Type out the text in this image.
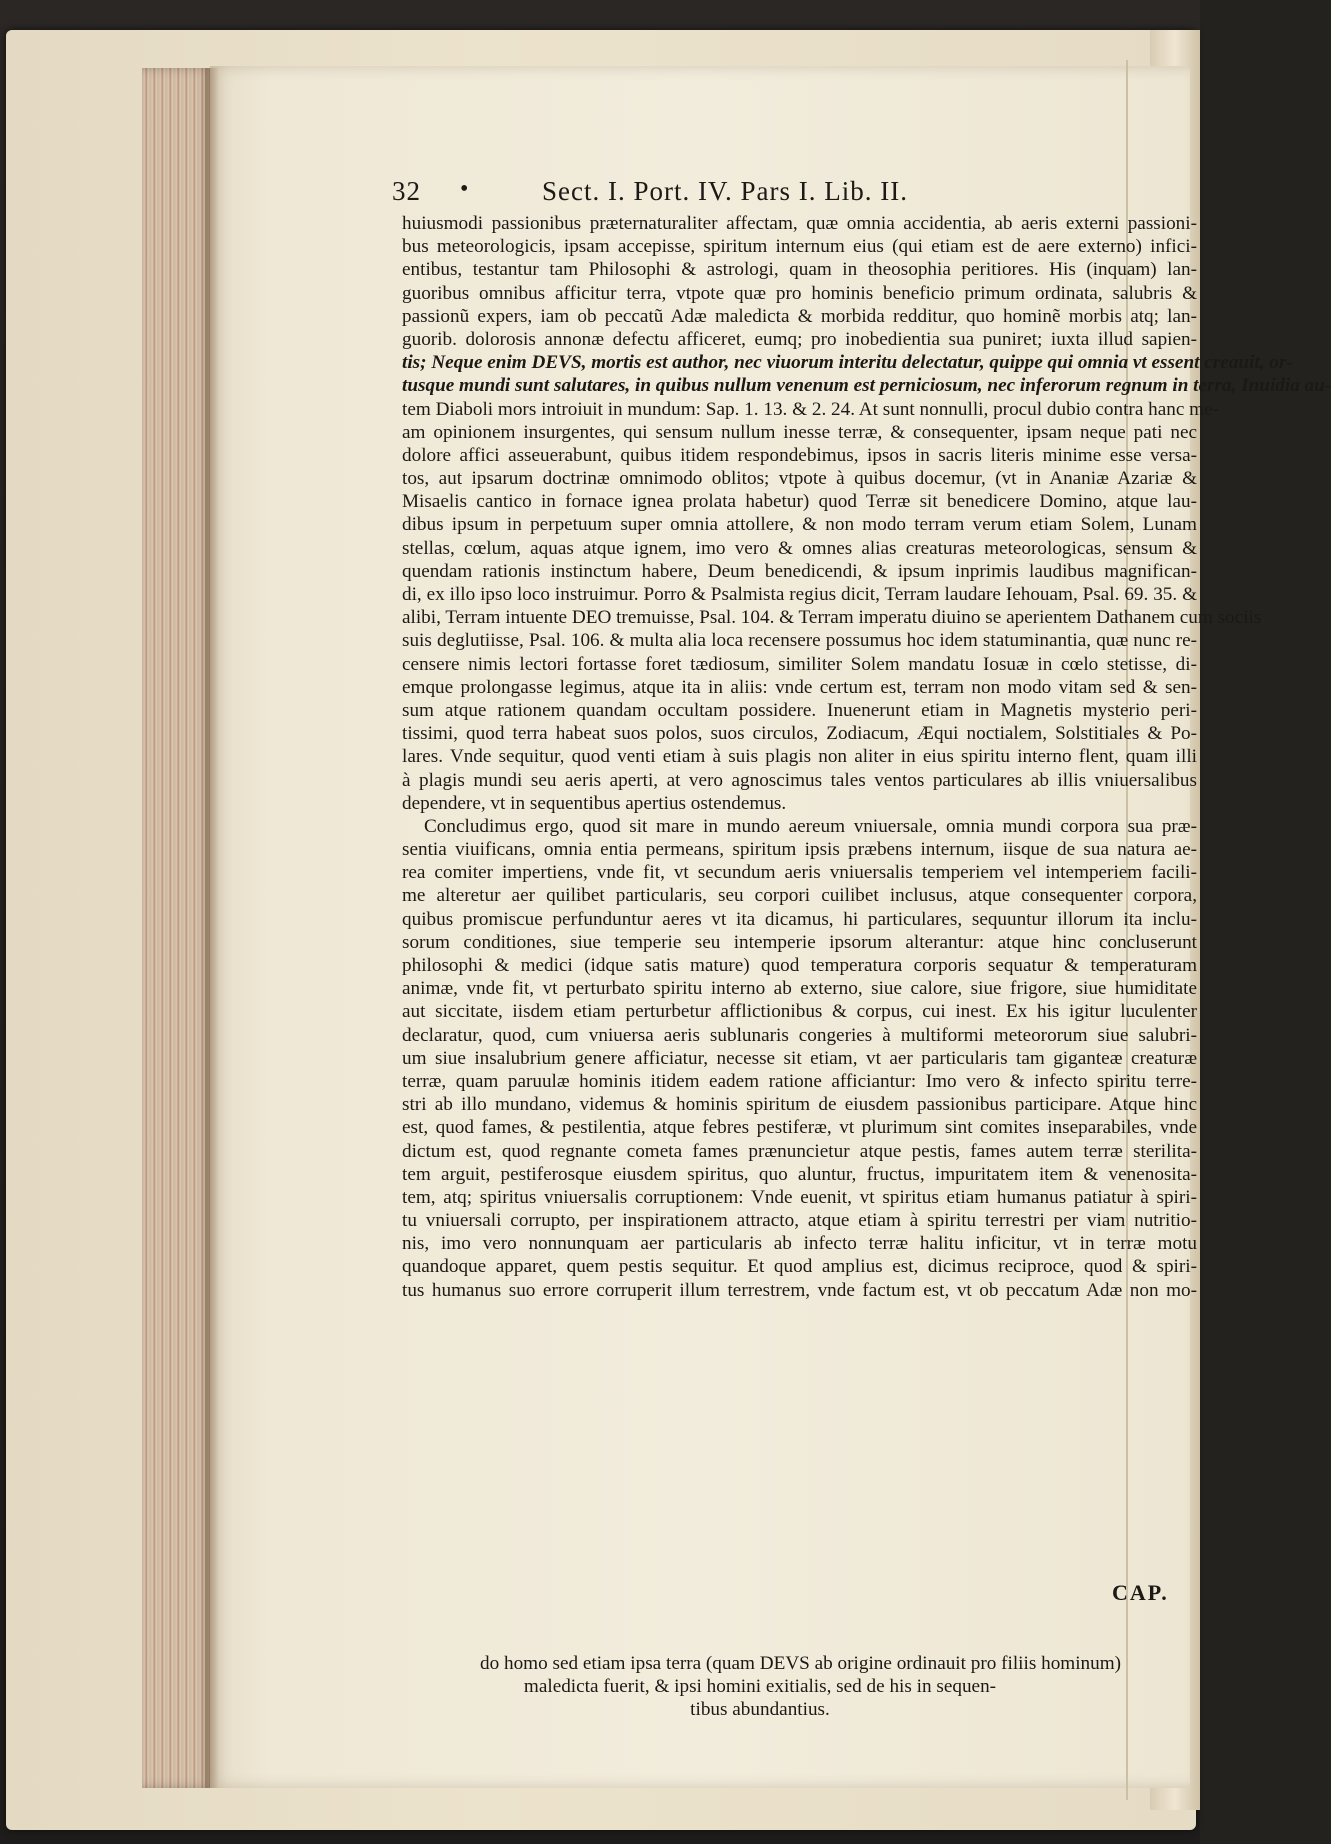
32 •	Sect. I. Port. IV. Pars I. Lib. II.
huiusmodi passionibus præternaturaliter affectam, quæ omnia accidentia, ab aeris externi passioni-
bus meteorologicis, ipsam accepisse, spiritum internum eius (qui etiam est de aere externo) infici-
entibus, testantur tam Philosophi & astrologi, quam in theosophia peritiores. His (inquam) lan-
guoribus omnibus afficitur terra, vtpote quæ pro hominis beneficio primum ordinata, salubris &
passionũ expers, iam ob peccatũ Adæ maledicta & morbida redditur, quo hominẽ morbis atq; lan-
guorib. dolorosis annonæ defectu afficeret, eumq; pro inobedientia sua puniret; iuxta illud sapien-
tis; Neque enim DEVS, mortis est author, nec viuorum interitu delectatur, quippe qui omnia vt essent creauit, or-
tusque mundi sunt salutares, in quibus nullum venenum est perniciosum, nec inferorum regnum in terra, Inuidia au-
tem Diaboli mors introiuit in mundum: Sap. 1. 13. & 2. 24. At sunt nonnulli, procul dubio contra hanc me-
am opinionem insurgentes, qui sensum nullum inesse terræ, & consequenter, ipsam neque pati nec
dolore affici asseuerabunt, quibus itidem respondebimus, ipsos in sacris literis minime esse versa-
tos, aut ipsarum doctrinæ omnimodo oblitos; vtpote à quibus docemur, (vt in Ananiæ Azariæ &
Misaelis cantico in fornace ignea prolata habetur) quod Terræ sit benedicere Domino, atque lau-
dibus ipsum in perpetuum super omnia attollere, & non modo terram verum etiam Solem, Lunam
stellas, cœlum, aquas atque ignem, imo vero & omnes alias creaturas meteorologicas, sensum &
quendam rationis instinctum habere, Deum benedicendi, & ipsum inprimis laudibus magnifican-
di, ex illo ipso loco instruimur. Porro & Psalmista regius dicit, Terram laudare Iehouam, Psal. 69. 35. &
alibi, Terram intuente DEO tremuisse, Psal. 104. & Terram imperatu diuino se aperientem Dathanem cum sociis
suis deglutiisse, Psal. 106. & multa alia loca recensere possumus hoc idem statuminantia, quæ nunc re-
censere nimis lectori fortasse foret tædiosum, similiter Solem mandatu Iosuæ in cœlo stetisse, di-
emque prolongasse legimus, atque ita in aliis: vnde certum est, terram non modo vitam sed & sen-
sum atque rationem quandam occultam possidere. Inuenerunt etiam in Magnetis mysterio peri-
tissimi, quod terra habeat suos polos, suos circulos, Zodiacum, Æqui noctialem, Solstitiales & Po-
lares. Vnde sequitur, quod venti etiam à suis plagis non aliter in eius spiritu interno flent, quam illi
à plagis mundi seu aeris aperti, at vero agnoscimus tales ventos particulares ab illis vniuersalibus
dependere, vt in sequentibus apertius ostendemus.
Concludimus ergo, quod sit mare in mundo aereum vniuersale, omnia mundi corpora sua præ-
sentia viuificans, omnia entia permeans, spiritum ipsis præbens internum, iisque de sua natura ae-
rea comiter impertiens, vnde fit, vt secundum aeris vniuersalis temperiem vel intemperiem facili-
me alteretur aer quilibet particularis, seu corpori cuilibet inclusus, atque consequenter corpora,
quibus promiscue perfunduntur aeres vt ita dicamus, hi particulares, sequuntur illorum ita inclu-
sorum conditiones, siue temperie seu intemperie ipsorum alterantur: atque hinc concluserunt
philosophi & medici (idque satis mature) quod temperatura corporis sequatur & temperaturam
animæ, vnde fit, vt perturbato spiritu interno ab externo, siue calore, siue frigore, siue humiditate
aut siccitate, iisdem etiam perturbetur afflictionibus & corpus, cui inest. Ex his igitur luculenter
declaratur, quod, cum vniuersa aeris sublunaris congeries à multiformi meteororum siue salubri-
um siue insalubrium genere afficiatur, necesse sit etiam, vt aer particularis tam giganteæ creaturæ
terræ, quam paruulæ hominis itidem eadem ratione afficiantur: Imo vero & infecto spiritu terre-
stri ab illo mundano, videmus & hominis spiritum de eiusdem passionibus participare. Atque hinc
est, quod fames, & pestilentia, atque febres pestiferæ, vt plurimum sint comites inseparabiles, vnde
dictum est, quod regnante cometa fames prænuncietur atque pestis, fames autem terræ sterilita-
tem arguit, pestiferosque eiusdem spiritus, quo aluntur, fructus, impuritatem item & venenosita-
tem, atq; spiritus vniuersalis corruptionem: Vnde euenit, vt spiritus etiam humanus patiatur à spiri-
tu vniuersali corrupto, per inspirationem attracto, atque etiam à spiritu terrestri per viam nutritio-
nis, imo vero nonnunquam aer particularis ab infecto terræ halitu inficitur, vt in terræ motu
quandoque apparet, quem pestis sequitur. Et quod amplius est, dicimus reciproce, quod & spiri-
tus humanus suo errore corruperit illum terrestrem, vnde factum est, vt ob peccatum Adæ non mo-
do homo sed etiam ipsa terra (quam DEVS ab origine ordinauit pro filiis hominum)
maledicta fuerit, & ipsi homini exitialis, sed de his in sequen-
tibus abundantius.
CAP.
